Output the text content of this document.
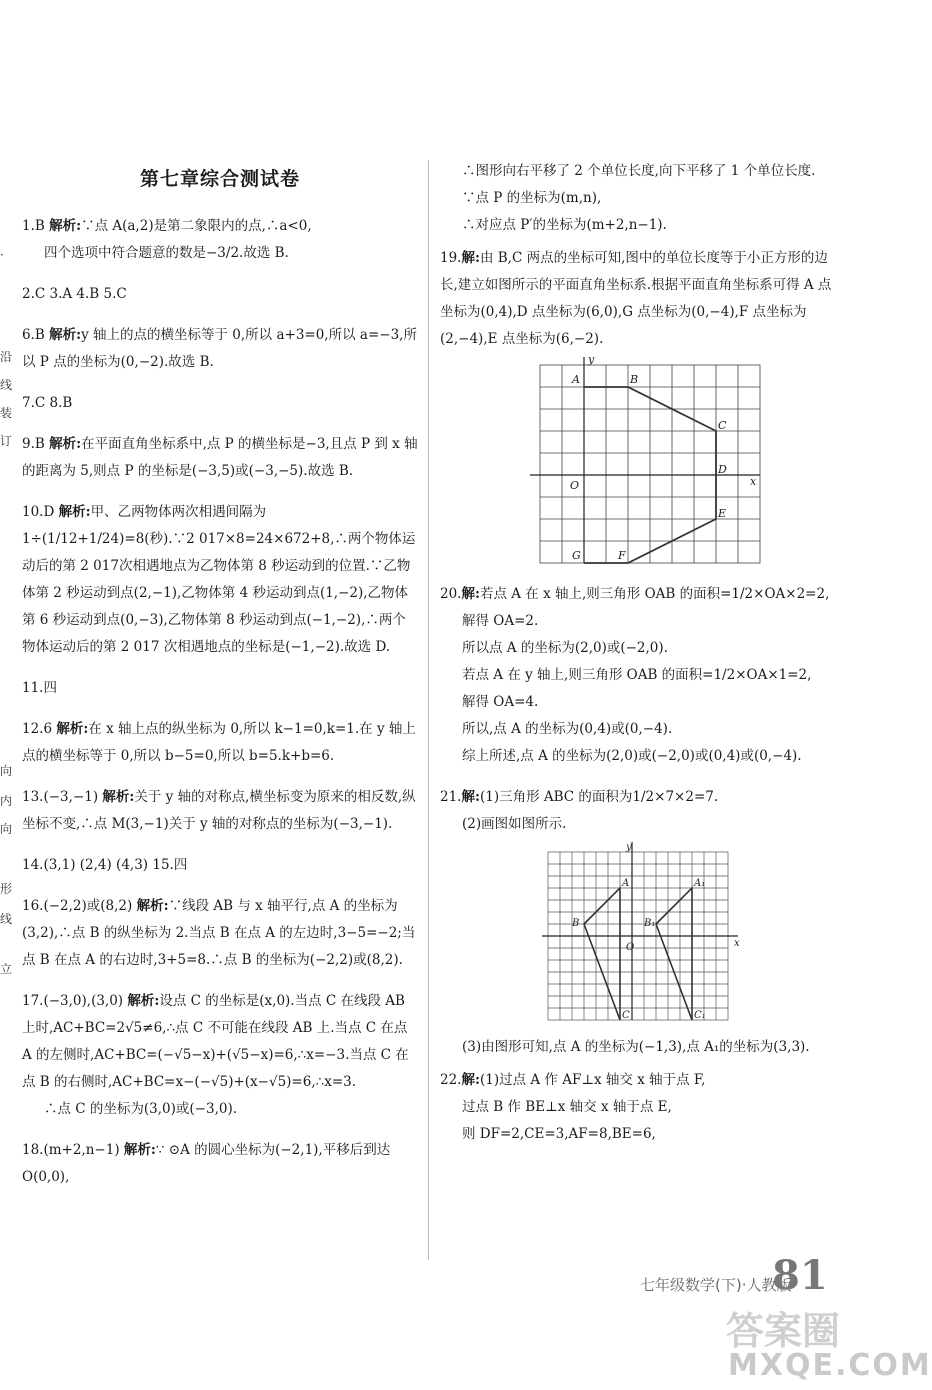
·
沿
线
装
订
向
内
向
形
线
立
第七章综合测试卷

1.B 解析:∵点 A(a,2)是第二象限内的点,∴a<0,

四个选项中符合题意的数是−3/2.故选 B.

2.C 3.A 4.B 5.C

6.B 解析:y 轴上的点的横坐标等于 0,所以 a+3=0,所以 a=−3,所以 P 点的坐标为(0,−2).故选 B.

7.C 8.B

9.B 解析:在平面直角坐标系中,点 P 的横坐标是−3,且点 P 到 x 轴的距离为 5,则点 P 的坐标是(−3,5)或(−3,−5).故选 B.

10.D 解析:甲、乙两物体两次相遇间隔为 1÷(1/12+1/24)=8(秒).∵2 017×8=24×672+8,∴两个物体运动后的第 2 017次相遇地点为乙物体第 8 秒运动到的位置.∵乙物体第 2 秒运动到点(2,−1),乙物体第 4 秒运动到点(1,−2),乙物体第 6 秒运动到点(0,−3),乙物体第 8 秒运动到点(−1,−2),∴两个物体运动后的第 2 017 次相遇地点的坐标是(−1,−2).故选 D.

11.四

12.6 解析:在 x 轴上点的纵坐标为 0,所以 k−1=0,k=1.在 y 轴上点的横坐标等于 0,所以 b−5=0,所以 b=5.k+b=6.

13.(−3,−1) 解析:关于 y 轴的对称点,横坐标变为原来的相反数,纵坐标不变,∴点 M(3,−1)关于 y 轴的对称点的坐标为(−3,−1).

14.(3,1) (2,4) (4,3) 15.四

16.(−2,2)或(8,2) 解析:∵线段 AB 与 x 轴平行,点 A 的坐标为(3,2),∴点 B 的纵坐标为 2.当点 B 在点 A 的左边时,3−5=−2;当点 B 在点 A 的右边时,3+5=8.∴点 B 的坐标为(−2,2)或(8,2).

17.(−3,0),(3,0) 解析:设点 C 的坐标是(x,0).当点 C 在线段 AB 上时,AC+BC=2√5≠6,∴点 C 不可能在线段 AB 上.当点 C 在点 A 的左侧时,AC+BC=(−√5−x)+(√5−x)=6,∴x=−3.当点 C 在点 B 的右侧时,AC+BC=x−(−√5)+(x−√5)=6,∴x=3.

∴点 C 的坐标为(3,0)或(−3,0).

18.(m+2,n−1) 解析:∵ ⊙A 的圆心坐标为(−2,1),平移后到达 O(0,0),

∴图形向右平移了 2 个单位长度,向下平移了 1 个单位长度.

∵点 P 的坐标为(m,n),

∴对应点 P′的坐标为(m+2,n−1).

19.解:由 B,C 两点的坐标可知,图中的单位长度等于小正方形的边长,建立如图所示的平面直角坐标系.根据平面直角坐标系可得 A 点坐标为(0,4),D 点坐标为(6,0),G 点坐标为(0,−4),F 点坐标为(2,−4),E 点坐标为(6,−2).

y
x
O
A	B
C
D
E
F
G

20.解:若点 A 在 x 轴上,则三角形 OAB 的面积=1/2×OA×2=2,

解得 OA=2.

所以点 A 的坐标为(2,0)或(−2,0).

若点 A 在 y 轴上,则三角形 OAB 的面积=1/2×OA×1=2,

解得 OA=4.

所以,点 A 的坐标为(0,4)或(0,−4).

综上所述,点 A 的坐标为(2,0)或(−2,0)或(0,4)或(0,−4).

21.解:(1)三角形 ABC 的面积为1/2×7×2=7.

(2)画图如图所示.

y
x
O
A
B
C
A₁
B₁
C₁

(3)由图形可知,点 A 的坐标为(−1,3),点 A₁的坐标为(3,3).

22.解:(1)过点 A 作 AF⊥x 轴交 x 轴于点 F,

过点 B 作 BE⊥x 轴交 x 轴于点 E,

则 DF=2,CE=3,AF=8,BE=6,

七年级数学(下)·人教版
81
答案圈
MXQE.COM
